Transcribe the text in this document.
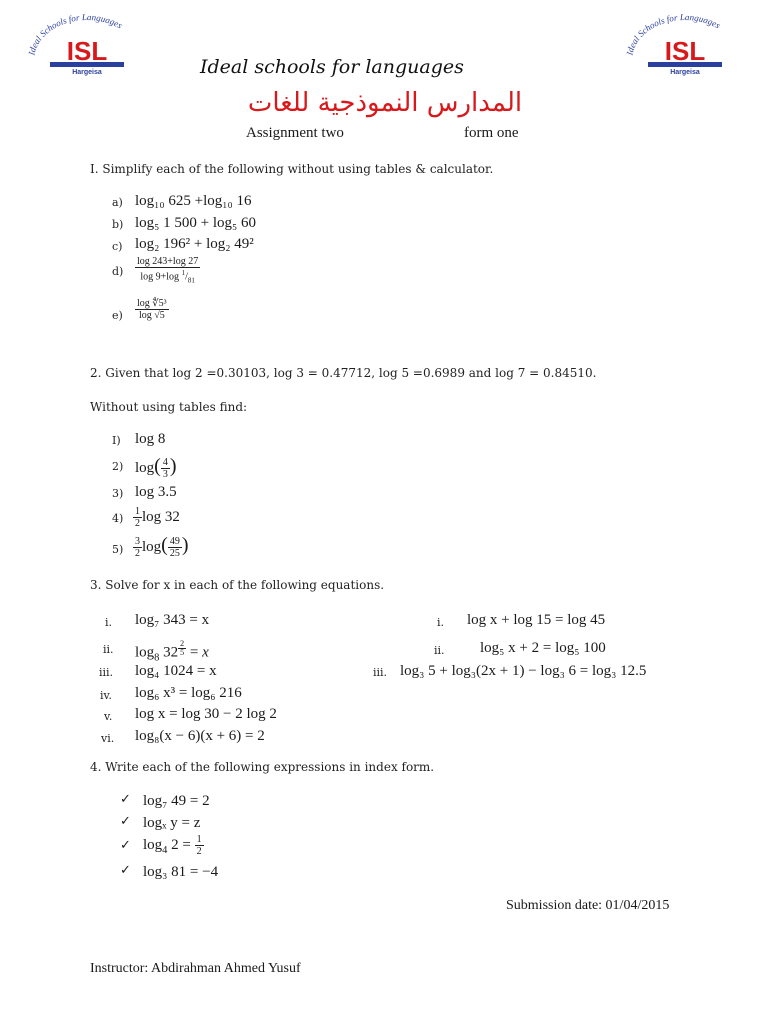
Ideal Schools for Languages
ISL
Hargeisa
Ideal Schools for Languages
ISL
Hargeisa
Ideal schools for languages
المدارس النموذجية للغات
Assignment two	form one
I. Simplify each of the following without using tables & calculator.
a) log₁₀ 625 +log₁₀ 16
b) log₅ 1 500 + log₅ 60
c) log₂ 196² + log₂ 49²
$d) \frac{\log 243+\log 27}{\log 9+\log ^1/_{81}}$
$e) \frac{\text{log ∜5³}}{\log √5}$
2. Given that log 2 =0.30103, log 3 = 0.47712, log 5 =0.6989 and log 7 = 0.84510.
Without using tables find:
I) log 8
2) $\log( \frac{4}{3}$ )
3) log 3.5
$4) \frac{1}{2}$ log 32
$5) \frac{3}{2} \log( \frac{49}{25}$ )
3. Solve for x in each of the following equations.
i. log₇ 343 = x
ii. $\log_8 32$ $^{\frac{2}{5}}$ = x
iii. log₄ 1024 = x
iv. log₆ x³ = log₆ 216
v. log x = log 30 − 2 log 2
vi. log₈(x − 6)(x + 6) = 2
i. log x + log 15 = log 45
ii. log₅ x + 2 = log₅ 100
iii. log₃ 5 + log₃(2x + 1) − log₃ 6 = log₃ 12.5
4. Write each of the following expressions in index form.
✓ log₇ 49 = 2
✓ logₓ y = z
✓ $\log_4 2 = \frac{1}{2}$
✓ log₃ 81 = −4
Submission date: 01/04/2015
Instructor: Abdirahman Ahmed Yusuf
